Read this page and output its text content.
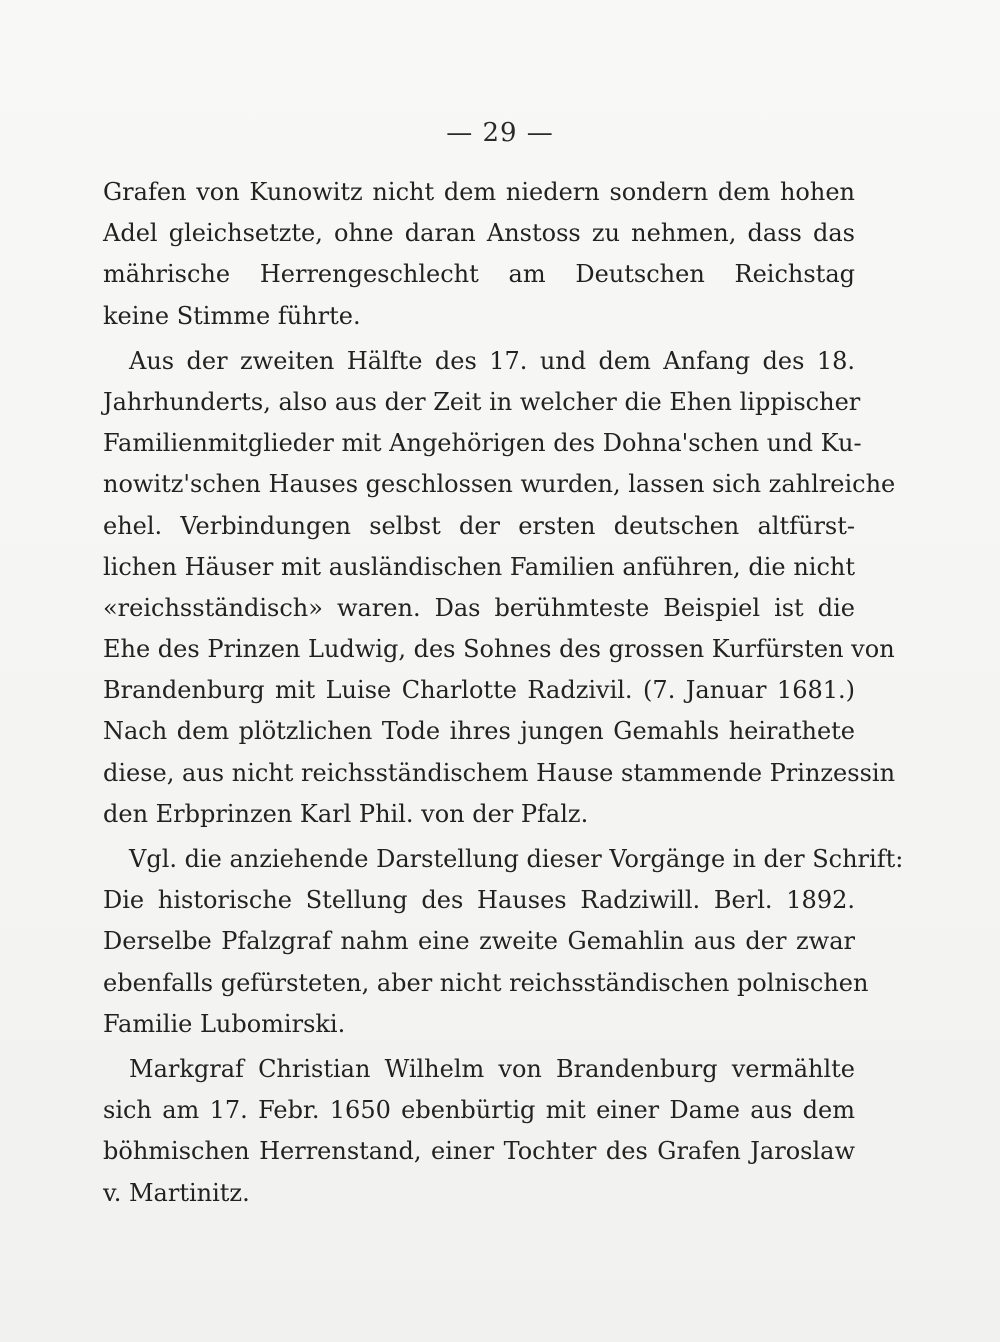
— 29 —
Grafen von Kunowitz nicht dem niedern sondern dem hohen
Adel gleichsetzte, ohne daran Anstoss zu nehmen, dass das
mährische Herrengeschlecht am Deutschen Reichstag
keine Stimme führte.
Aus der zweiten Hälfte des 17. und dem Anfang des 18.
Jahrhunderts, also aus der Zeit in welcher die Ehen lippischer
Familienmitglieder mit Angehörigen des Dohna'schen und Ku-
nowitz'schen Hauses geschlossen wurden, lassen sich zahlreiche
ehel. Verbindungen selbst der ersten deutschen altfürst-
lichen Häuser mit ausländischen Familien anführen, die nicht
«reichsständisch» waren. Das berühmteste Beispiel ist die
Ehe des Prinzen Ludwig, des Sohnes des grossen Kurfürsten von
Brandenburg mit Luise Charlotte Radzivil. (7. Januar 1681.)
Nach dem plötzlichen Tode ihres jungen Gemahls heirathete
diese, aus nicht reichsständischem Hause stammende Prinzessin
den Erbprinzen Karl Phil. von der Pfalz.
Vgl. die anziehende Darstellung dieser Vorgänge in der Schrift:
Die historische Stellung des Hauses Radziwill. Berl. 1892.
Derselbe Pfalzgraf nahm eine zweite Gemahlin aus der zwar
ebenfalls gefürsteten, aber nicht reichsständischen polnischen
Familie Lubomirski.
Markgraf Christian Wilhelm von Brandenburg vermählte
sich am 17. Febr. 1650 ebenbürtig mit einer Dame aus dem
böhmischen Herrenstand, einer Tochter des Grafen Jaroslaw
v. Martinitz.
